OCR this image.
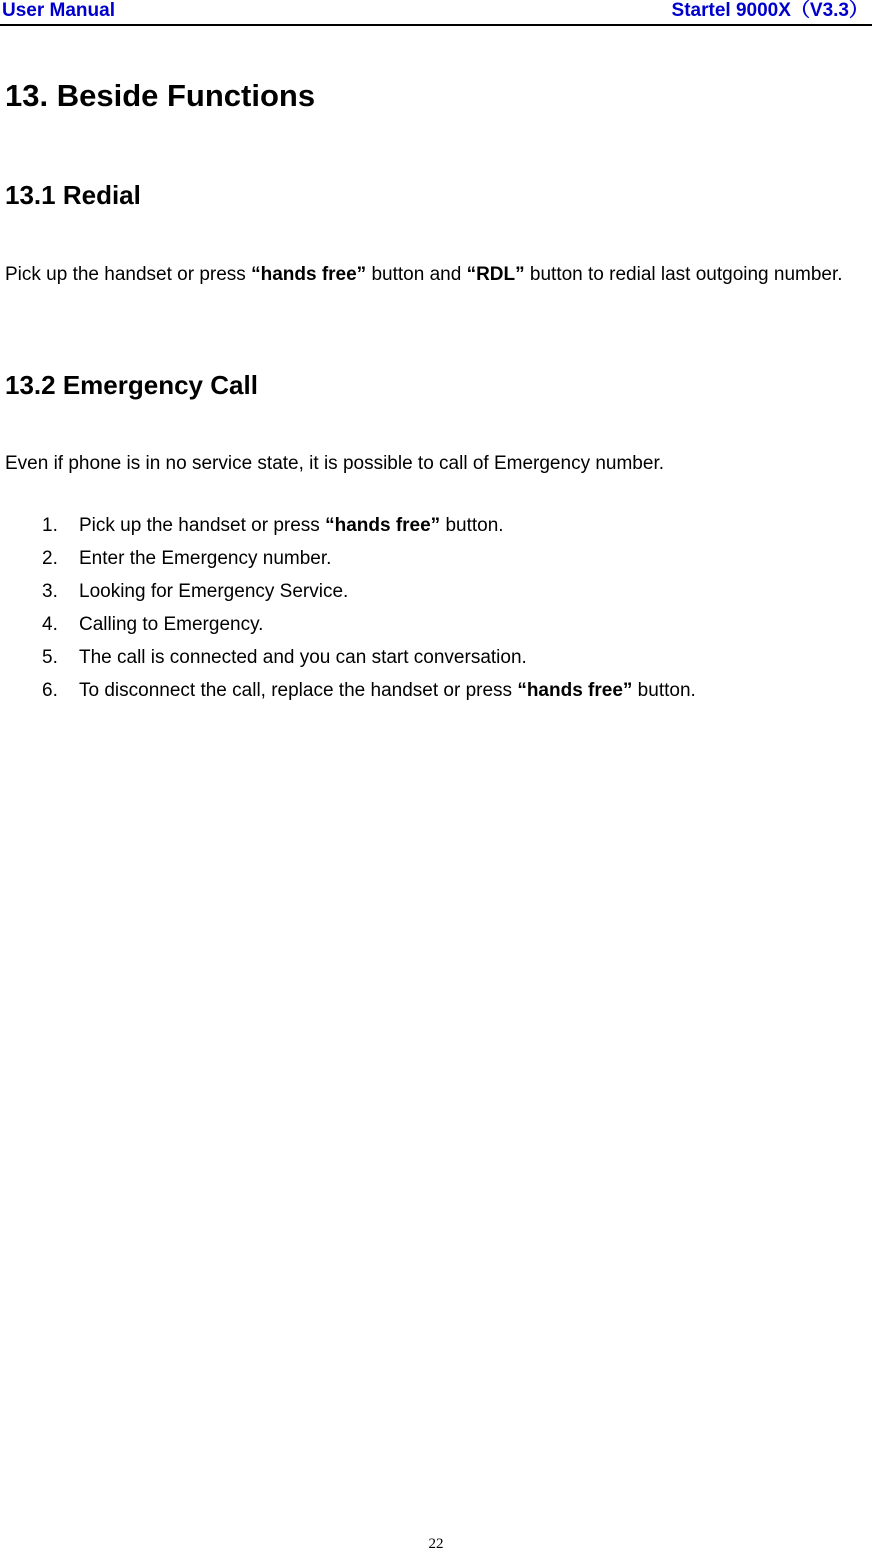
User Manual	Startel 9000X（V3.3）
13. Beside Functions
13.1 Redial

Pick up the handset or press “hands free” button and “RDL” button to redial last outgoing number.

13.2 Emergency Call

Even if phone is in no service state, it is possible to call of Emergency number.

1. Pick up the handset or press “hands free” button.
2. Enter the Emergency number.
3. Looking for Emergency Service.
4. Calling to Emergency.
5. The call is connected and you can start conversation.
6. To disconnect the call, replace the handset or press “hands free” button.
22
